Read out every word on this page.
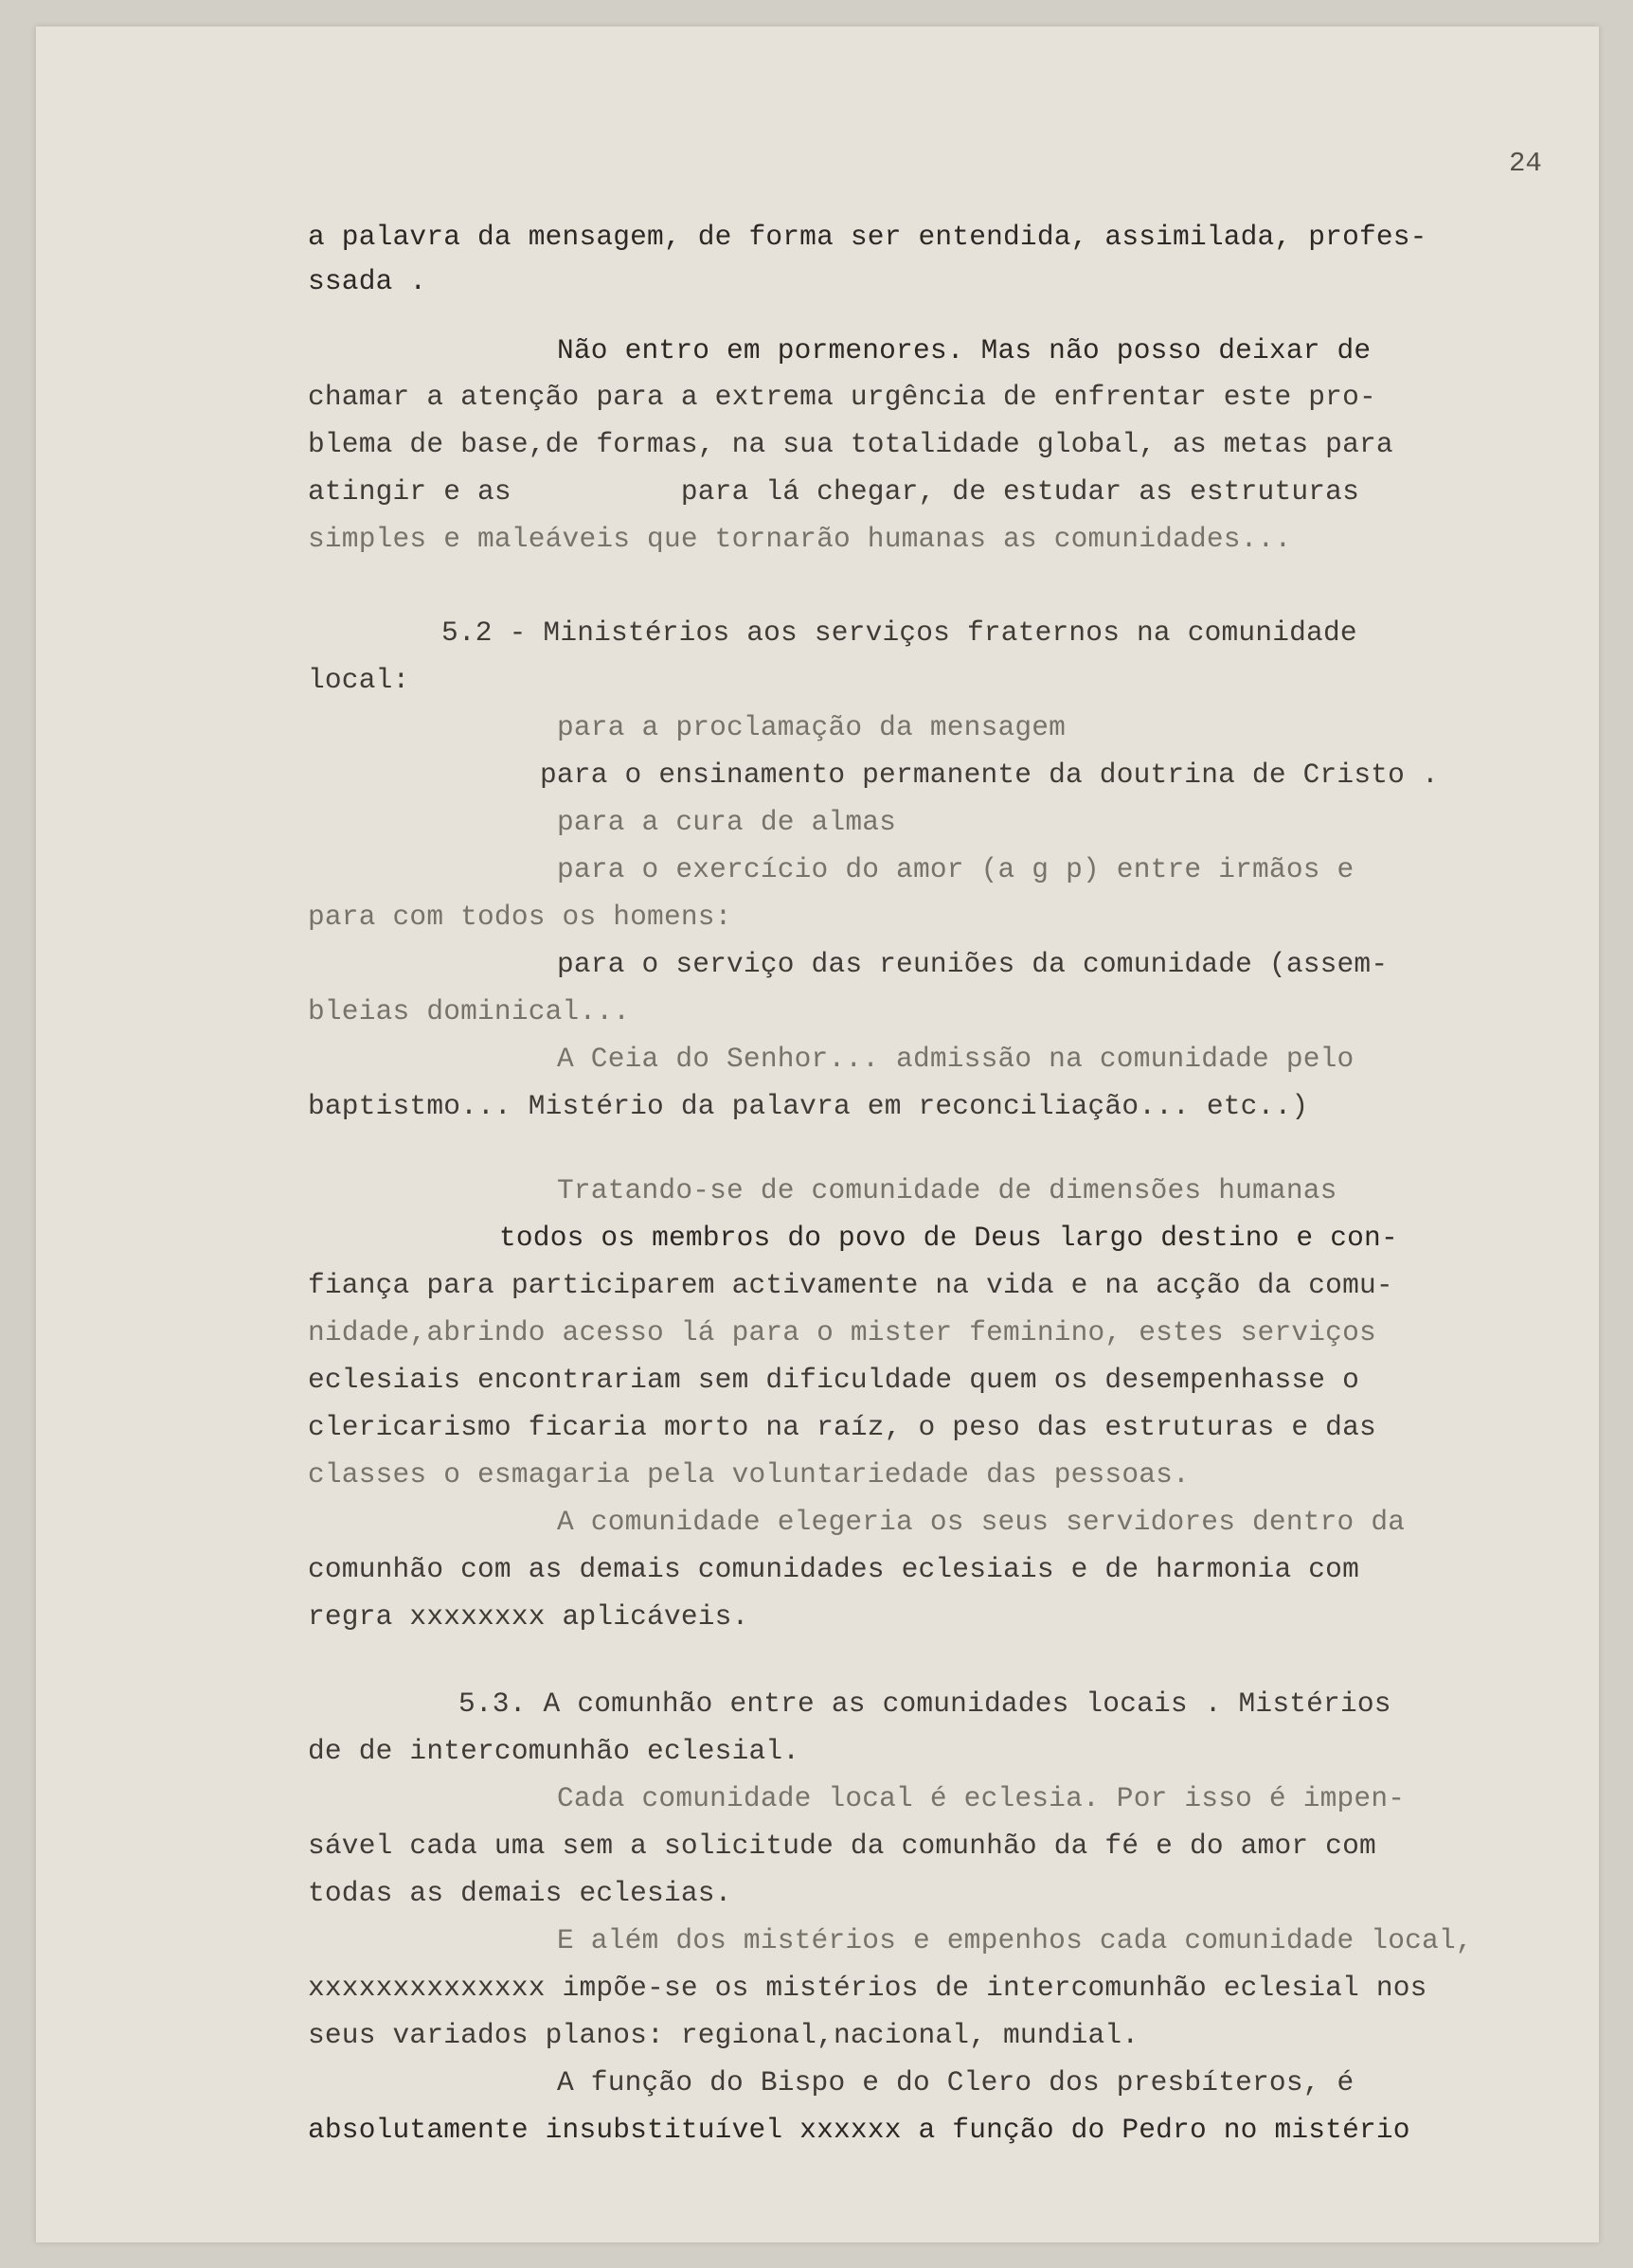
24
a palavra da mensagem, de forma ser entendida, assimilada, profes-
ssada .
Não entro em pormenores. Mas não posso deixar de
chamar a atenção para a extrema urgência de enfrentar este pro-
blema de base,de formas, na sua totalidade global, as metas para
atingir e as          para lá chegar, de estudar as estruturas
simples e maleáveis que tornarão humanas as comunidades...
5.2 - Ministérios aos serviços fraternos na comunidade
local:
para a proclamação da mensagem
para o ensinamento permanente da doutrina de Cristo .
para a cura de almas
para o exercício do amor (a g p) entre irmãos e
para com todos os homens:
para o serviço das reuniões da comunidade (assem-
bleias dominical...
A Ceia do Senhor... admissão na comunidade pelo
baptistmo... Mistério da palavra em reconciliação... etc..)
Tratando-se de comunidade de dimensões humanas
todos os membros do povo de Deus largo destino e con-
fiança para participarem activamente na vida e na acção da comu-
nidade,abrindo acesso lá para o mister feminino, estes serviços
eclesiais encontrariam sem dificuldade quem os desempenhasse o
clericarismo ficaria morto na raíz, o peso das estruturas e das
classes o esmagaria pela voluntariedade das pessoas.
A comunidade elegeria os seus servidores dentro da
comunhão com as demais comunidades eclesiais e de harmonia com
regra xxxxxxxx aplicáveis.
5.3. A comunhão entre as comunidades locais . Mistérios
de de intercomunhão eclesial.
Cada comunidade local é eclesia. Por isso é impen-
sável cada uma sem a solicitude da comunhão da fé e do amor com
todas as demais eclesias.
E além dos mistérios e empenhos cada comunidade local,
xxxxxxxxxxxxxx impõe-se os mistérios de intercomunhão eclesial nos
seus variados planos: regional,nacional, mundial.
A função do Bispo e do Clero dos presbíteros, é
absolutamente insubstituível xxxxxx a função do Pedro no mistério
